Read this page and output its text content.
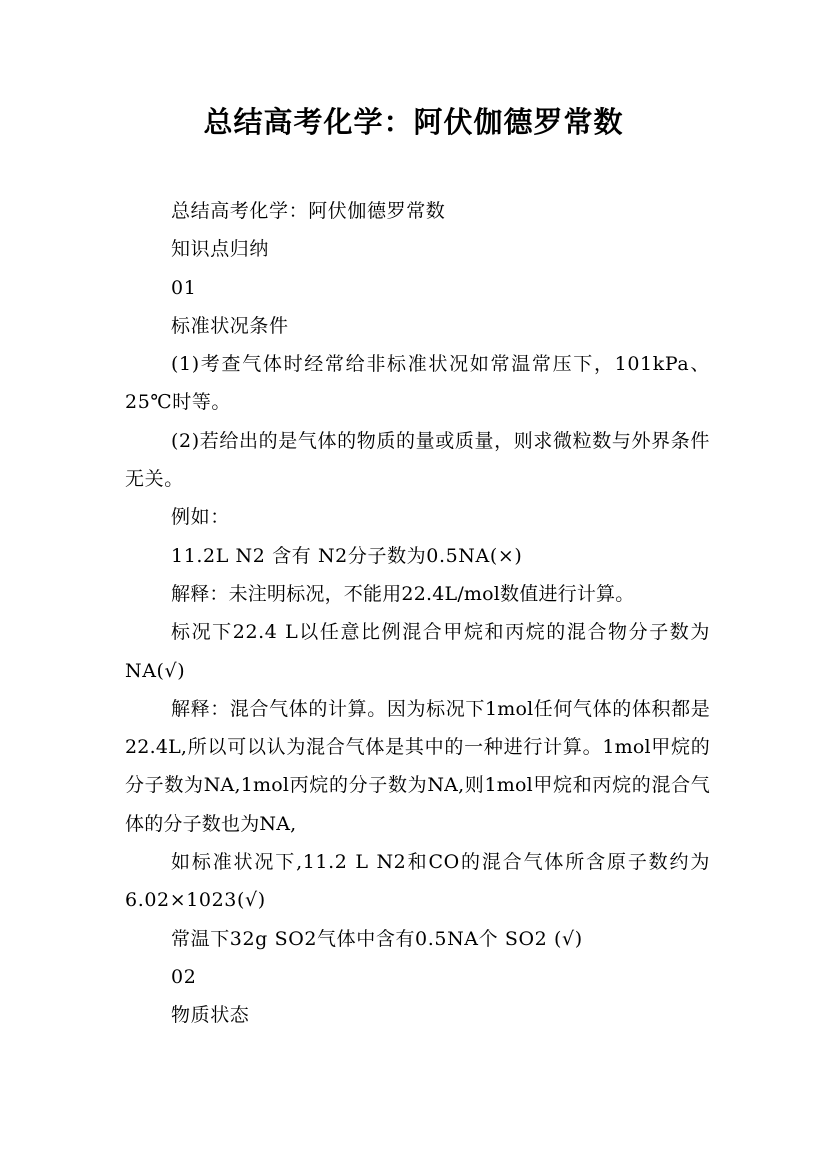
总结高考化学：阿伏伽德罗常数

总结高考化学：阿伏伽德罗常数

知识点归纳

01

标准状况条件

(1)考查气体时经常给非标准状况如常温常压下，101kPa、25℃时等。

(2)若给出的是气体的物质的量或质量，则求微粒数与外界条件无关。

例如：

11.2L N2 含有 N2分子数为0.5NA(×)

解释：未注明标况，不能用22.4L/mol数值进行计算。

标况下22.4 L以任意比例混合甲烷和丙烷的混合物分子数为NA(√)

解释：混合气体的计算。因为标况下1mol任何气体的体积都是22.4L,所以可以认为混合气体是其中的一种进行计算。1mol甲烷的分子数为NA,1mol丙烷的分子数为NA,则1mol甲烷和丙烷的混合气体的分子数也为NA,

如标准状况下,11.2 L N2和CO的混合气体所含原子数约为6.02×1023(√)

常温下32g SO2气体中含有0.5NA个 SO2 (√)

02

物质状态
